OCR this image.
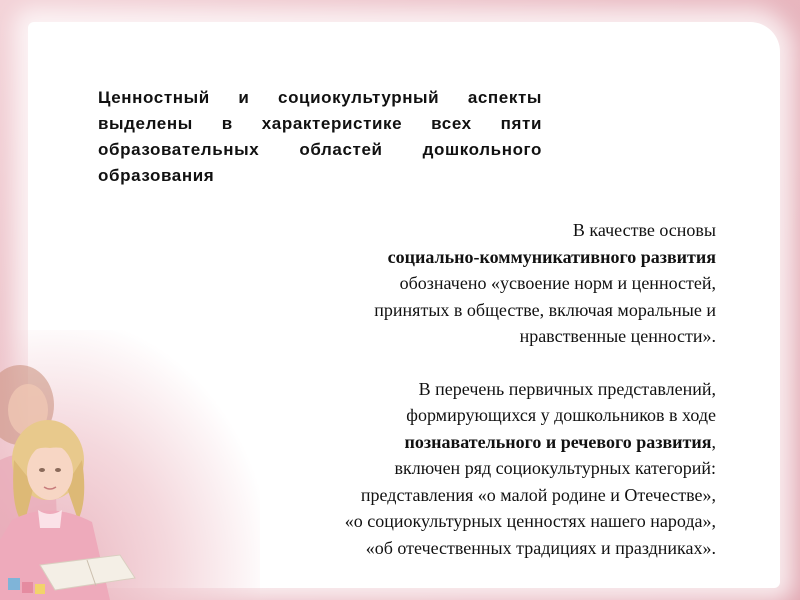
Ценностный и социокультурный аспекты выделены в характеристике всех пяти образовательных областей дошкольного образования

В качестве основы
социально-коммуникативного развития
обозначено «усвоение норм и ценностей,
принятых в обществе, включая моральные и
нравственные ценности».

В перечень первичных представлений,
формирующихся у дошкольников в ходе
познавательного и речевого развития,
включен ряд социокультурных категорий:
представления «о малой родине и Отечестве»,
«о социокультурных ценностях нашего народа»,
«об отечественных традициях и праздниках».
